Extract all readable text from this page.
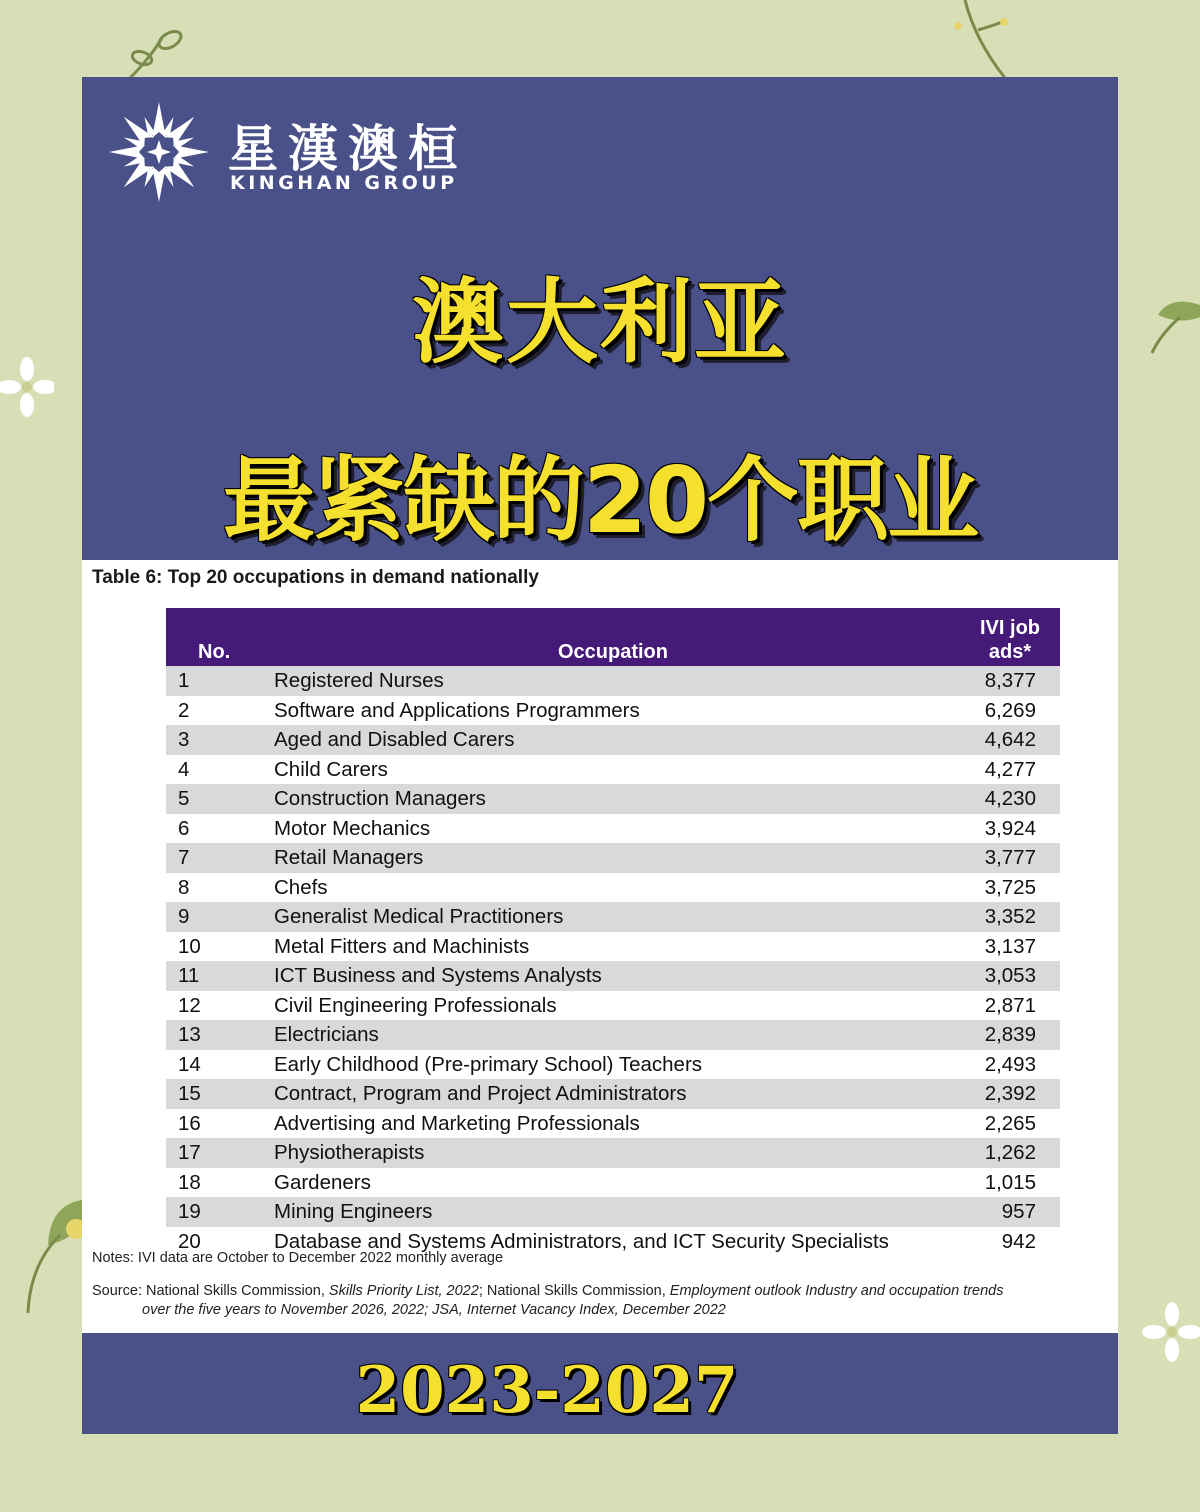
星漢澳桓
KINGHAN GROUP
澳大利亚
最紧缺的20个职业
Table 6: Top 20 occupations in demand nationally
No.	Occupation
IVI job
ads*
1	Registered Nurses	8,377
2	Software and Applications Programmers	6,269
3	Aged and Disabled Carers	4,642
4	Child Carers	4,277
5	Construction Managers	4,230
6	Motor Mechanics	3,924
7	Retail Managers	3,777
8	Chefs	3,725
9	Generalist Medical Practitioners	3,352
10	Metal Fitters and Machinists	3,137
11	ICT Business and Systems Analysts	3,053
12	Civil Engineering Professionals	2,871
13	Electricians	2,839
14	Early Childhood (Pre-primary School) Teachers	2,493
15	Contract, Program and Project Administrators	2,392
16	Advertising and Marketing Professionals	2,265
17	Physiotherapists	1,262
18	Gardeners	1,015
19	Mining Engineers	957
20	Database and Systems Administrators, and ICT Security Specialists	942
Notes: IVI data are October to December 2022 monthly average
Source: National Skills Commission, Skills Priority List, 2022; National Skills Commission, Employment outlook Industry and occupation trends
over the five years to November 2026, 2022; JSA, Internet Vacancy Index, December 2022
2023-2027
